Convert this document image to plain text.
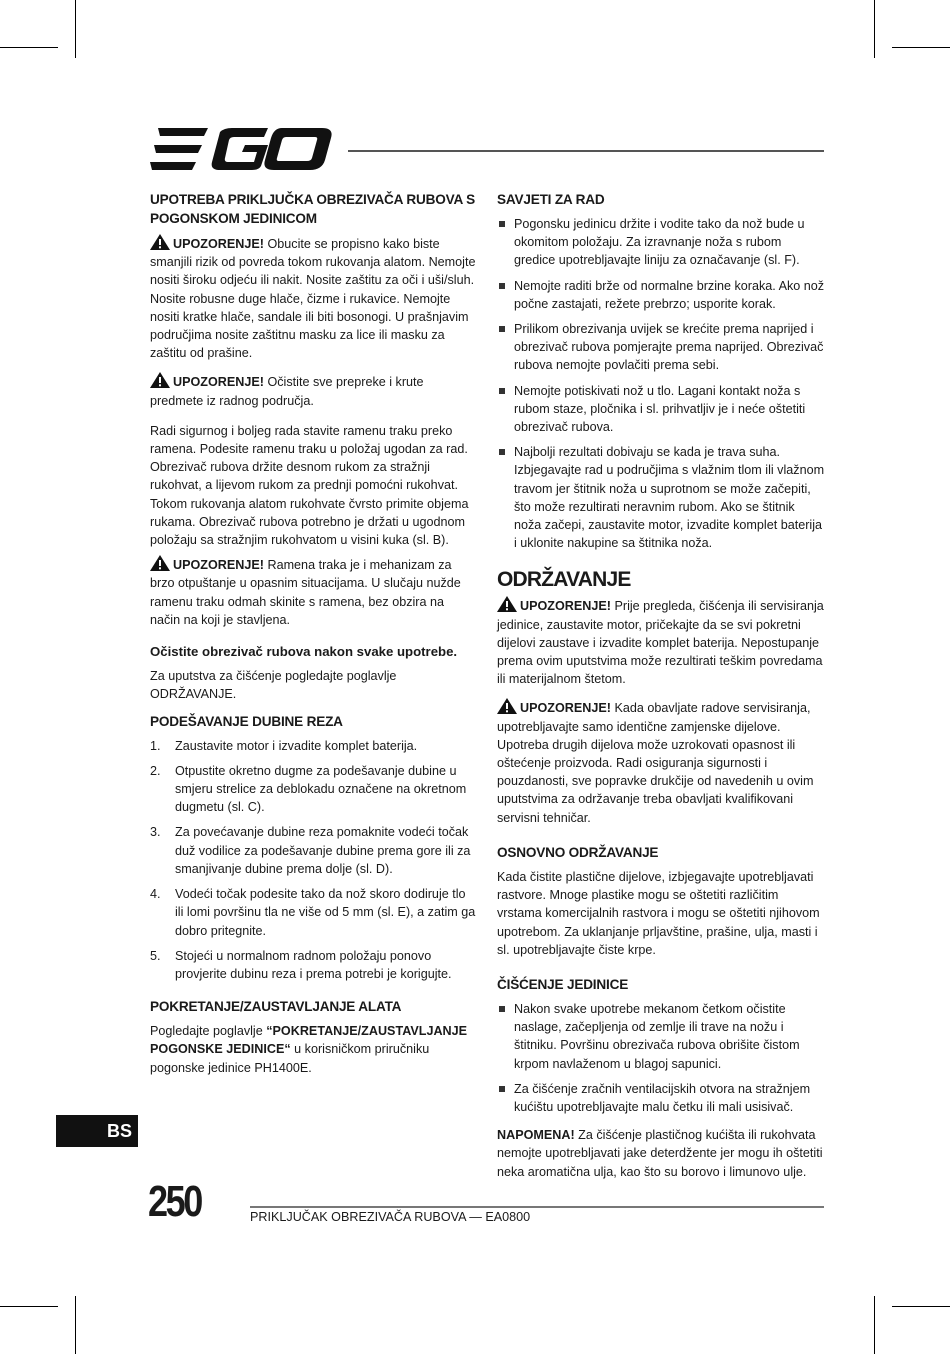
UPOTREBA PRIKLJUČKA OBREZIVAČA RUBOVA S POGONSKOM JEDINICOM

UPOZORENJE! Obucite se propisno kako biste smanjili rizik od povreda tokom rukovanja alatom. Nemojte nositi široku odjeću ili nakit. Nosite zaštitu za oči i uši/sluh. Nosite robusne duge hlače, čizme i rukavice. Nemojte nositi kratke hlače, sandale ili biti bosonogi. U prašnjavim područjima nosite zaštitnu masku za lice ili masku za zaštitu od prašine.

UPOZORENJE! Očistite sve prepreke i krute predmete iz radnog područja.

Radi sigurnog i boljeg rada stavite ramenu traku preko ramena. Podesite ramenu traku u položaj ugodan za rad. Obrezivač rubova držite desnom rukom za stražnji rukohvat, a lijevom rukom za prednji pomoćni rukohvat. Tokom rukovanja alatom rukohvate čvrsto primite objema rukama. Obrezivač rubova potrebno je držati u ugodnom položaju sa stražnjim rukohvatom u visini kuka (sl. B).

UPOZORENJE! Ramena traka je i mehanizam za brzo otpuštanje u opasnim situacijama. U slučaju nužde ramenu traku odmah skinite s ramena, bez obzira na način na koji je stavljena.

Očistite obrezivač rubova nakon svake upotrebe.

Za uputstva za čišćenje pogledajte poglavlje ODRŽAVANJE.

PODEŠAVANJE DUBINE REZA
1. Zaustavite motor i izvadite komplet baterija.
2. Otpustite okretno dugme za podešavanje dubine u smjeru strelice za deblokadu označene na okretnom dugmetu (sl. C).
3. Za povećavanje dubine reza pomaknite vodeći točak duž vodilice za podešavanje dubine prema gore ili za smanjivanje dubine prema dolje (sl. D).
4. Vodeći točak podesite tako da nož skoro dodiruje tlo ili lomi površinu tla ne više od 5 mm (sl. E), a zatim ga dobro pritegnite.
5. Stojeći u normalnom radnom položaju ponovo provjerite dubinu reza i prema potrebi je korigujte.
POKRETANJE/ZAUSTAVLJANJE ALATA

Pogledajte poglavlje “POKRETANJE/ZAUSTAVLJANJE POGONSKE JEDINICE“ u korisničkom priručniku pogonske jedinice PH1400E.

SAVJETI ZA RAD
Pogonsku jedinicu držite i vodite tako da nož bude u okomitom položaju. Za izravnanje noža s rubom gredice upotrebljavajte liniju za označavanje (sl. F).
Nemojte raditi brže od normalne brzine koraka. Ako nož počne zastajati, režete prebrzo; usporite korak.
Prilikom obrezivanja uvijek se krećite prema naprijed i obrezivač rubova pomjerajte prema naprijed. Obrezivač rubova nemojte povlačiti prema sebi.
Nemojte potiskivati nož u tlo. Lagani kontakt noža s rubom staze, pločnika i sl. prihvatljiv je i neće oštetiti obrezivač rubova.
Najbolji rezultati dobivaju se kada je trava suha. Izbjegavajte rad u područjima s vlažnim tlom ili vlažnom travom jer štitnik noža u suprotnom se može začepiti, što može rezultirati neravnim rubom. Ako se štitnik noža začepi, zaustavite motor, izvadite komplet baterija i uklonite nakupine sa štitnika noža.
ODRŽAVANJE

UPOZORENJE! Prije pregleda, čišćenja ili servisiranja jedinice, zaustavite motor, pričekajte da se svi pokretni dijelovi zaustave i izvadite komplet baterija. Nepostupanje prema ovim uputstvima može rezultirati teškim povredama ili materijalnom štetom.

UPOZORENJE! Kada obavljate radove servisiranja, upotrebljavajte samo identične zamjenske dijelove. Upotreba drugih dijelova može uzrokovati opasnost ili oštećenje proizvoda. Radi osiguranja sigurnosti i pouzdanosti, sve popravke drukčije od navedenih u ovim uputstvima za održavanje treba obavljati kvalifikovani servisni tehničar.

OSNOVNO ODRŽAVANJE

Kada čistite plastične dijelove, izbjegavajte upotrebljavati rastvore. Mnoge plastike mogu se oštetiti različitim vrstama komercijalnih rastvora i mogu se oštetiti njihovom upotrebom. Za uklanjanje prljavštine, prašine, ulja, masti i sl. upotrebljavajte čiste krpe.

ČIŠĆENJE JEDINICE
Nakon svake upotrebe mekanom četkom očistite naslage, začepljenja od zemlje ili trave na nožu i štitniku. Površinu obrezivača rubova obrišite čistom krpom navlaženom u blagoj sapunici.
Za čišćenje zračnih ventilacijskih otvora na stražnjem kućištu upotrebljavajte malu četku ili mali usisivač.

NAPOMENA! Za čišćenje plastičnog kućišta ili rukohvata nemojte upotrebljavati jake deterdžente jer mogu ih oštetiti neka aromatična ulja, kao što su borovo i limunovo ulje.

BS
250	PRIKLJUČAK OBREZIVAČA RUBOVA — EA0800
